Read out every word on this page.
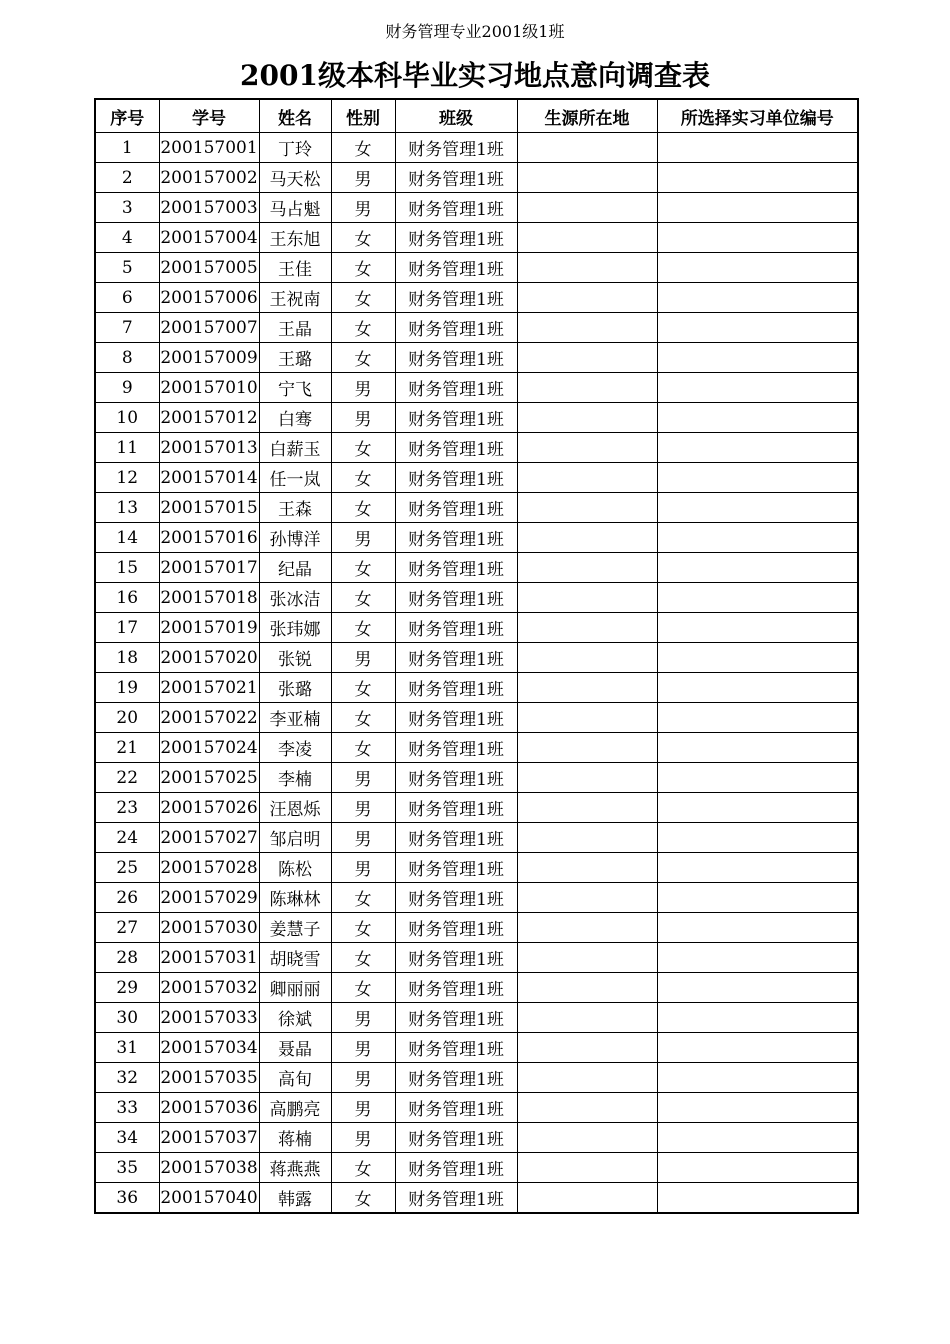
财务管理专业2001级1班
2001级本科毕业实习地点意向调查表
序号	学号	姓名	性别	班级	生源所在地	所选择实习单位编号
1	200157001	丁玲	女	财务管理1班		
2	200157002	马天松	男	财务管理1班		
3	200157003	马占魁	男	财务管理1班		
4	200157004	王东旭	女	财务管理1班		
5	200157005	王佳	女	财务管理1班		
6	200157006	王祝南	女	财务管理1班		
7	200157007	王晶	女	财务管理1班		
8	200157009	王璐	女	财务管理1班		
9	200157010	宁飞	男	财务管理1班		
10	200157012	白骞	男	财务管理1班		
11	200157013	白薪玉	女	财务管理1班		
12	200157014	任一岚	女	财务管理1班		
13	200157015	王森	女	财务管理1班		
14	200157016	孙博洋	男	财务管理1班		
15	200157017	纪晶	女	财务管理1班		
16	200157018	张冰洁	女	财务管理1班		
17	200157019	张玮娜	女	财务管理1班		
18	200157020	张锐	男	财务管理1班		
19	200157021	张璐	女	财务管理1班		
20	200157022	李亚楠	女	财务管理1班		
21	200157024	李凌	女	财务管理1班		
22	200157025	李楠	男	财务管理1班		
23	200157026	汪恩烁	男	财务管理1班		
24	200157027	邹启明	男	财务管理1班		
25	200157028	陈松	男	财务管理1班		
26	200157029	陈琳林	女	财务管理1班		
27	200157030	姜慧子	女	财务管理1班		
28	200157031	胡晓雪	女	财务管理1班		
29	200157032	卿丽丽	女	财务管理1班		
30	200157033	徐斌	男	财务管理1班		
31	200157034	聂晶	男	财务管理1班		
32	200157035	高旬	男	财务管理1班		
33	200157036	高鹏亮	男	财务管理1班		
34	200157037	蒋楠	男	财务管理1班		
35	200157038	蒋燕燕	女	财务管理1班		
36	200157040	韩露	女	财务管理1班		
